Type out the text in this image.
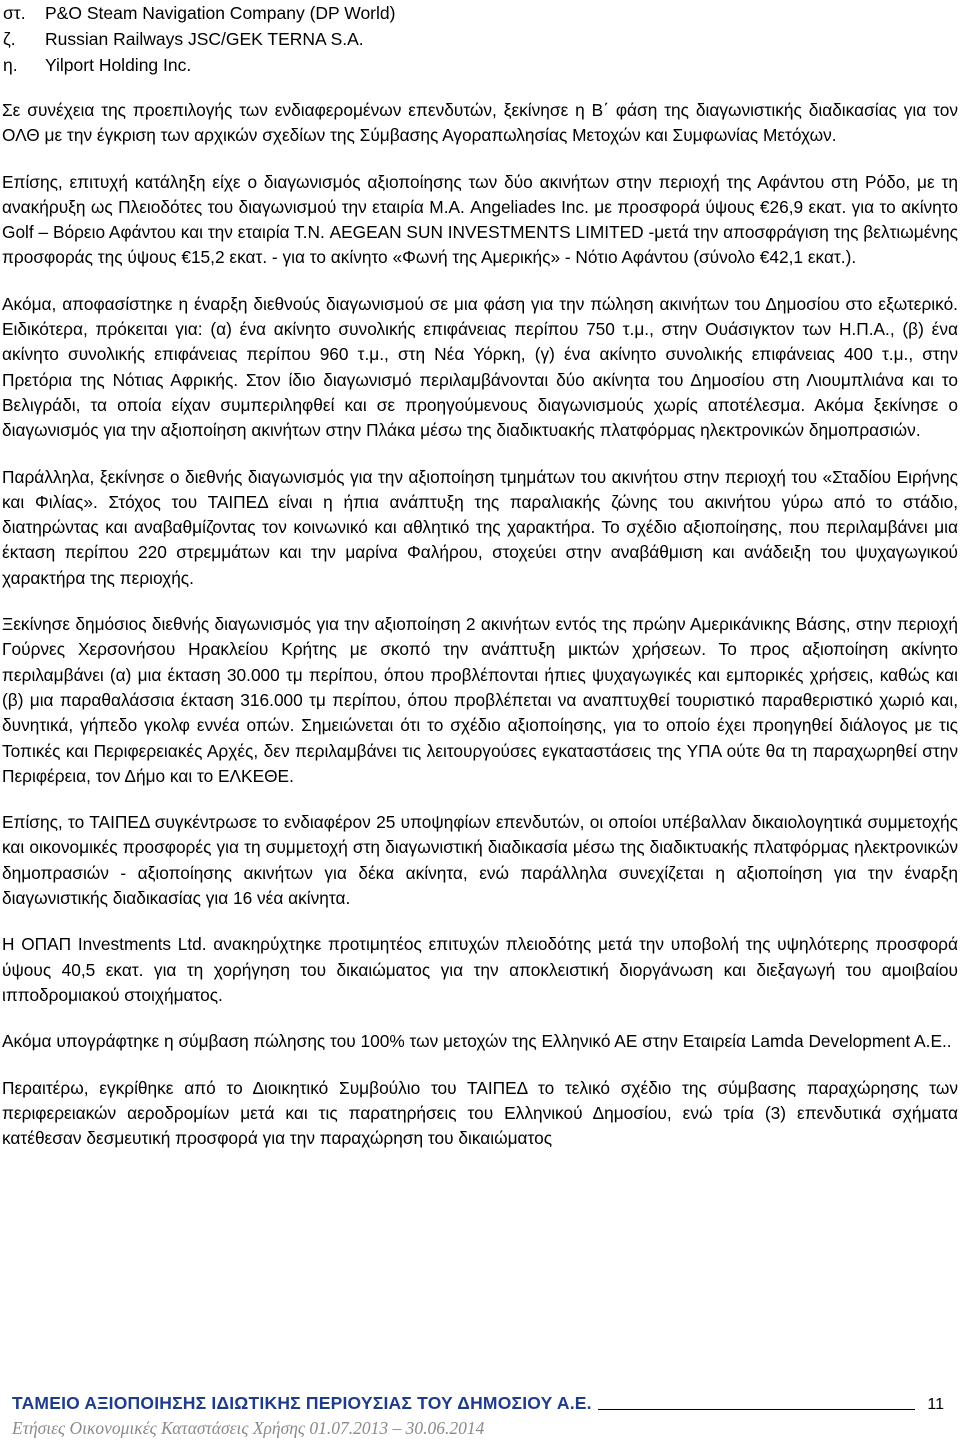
στ.	P&O Steam Navigation Company (DP World)
ζ.	Russian Railways JSC/GEK TERNA S.A.
η.	Yilport Holding Inc.

Σε συνέχεια της προεπιλογής των ενδιαφερομένων επενδυτών, ξεκίνησε η Β΄ φάση της διαγωνιστικής διαδικασίας για τον ΟΛΘ με την έγκριση των αρχικών σχεδίων της Σύμβασης Αγοραπωλησίας Μετοχών και Συμφωνίας Μετόχων.

Επίσης, επιτυχή κατάληξη είχε ο διαγωνισμός αξιοποίησης των δύο ακινήτων στην περιοχή της Αφάντου στη Ρόδο, με τη ανακήρυξη ως Πλειοδότες του διαγωνισμού την εταιρία Μ.Α. Angeliades Inc. με προσφορά ύψους €26,9 εκατ. για το ακίνητο Golf – Βόρειο Αφάντου και την εταιρία Τ.Ν. AEGEAN SUN INVESTMENTS LIMITED -μετά την αποσφράγιση της βελτιωμένης προσφοράς της ύψους €15,2 εκατ. - για το ακίνητο «Φωνή της Αμερικής» - Νότιο Αφάντου (σύνολο €42,1 εκατ.).

Ακόμα, αποφασίστηκε η έναρξη διεθνούς διαγωνισμού σε μια φάση για την πώληση ακινήτων του Δημοσίου στο εξωτερικό. Ειδικότερα, πρόκειται για: (α) ένα ακίνητο συνολικής επιφάνειας περίπου 750 τ.μ., στην Ουάσιγκτον των Η.Π.Α., (β) ένα ακίνητο συνολικής επιφάνειας περίπου 960 τ.μ., στη Νέα Υόρκη, (γ) ένα ακίνητο συνολικής επιφάνειας 400 τ.μ., στην Πρετόρια της Νότιας Αφρικής. Στον ίδιο διαγωνισμό περιλαμβάνονται δύο ακίνητα του Δημοσίου στη Λιουμπλιάνα και το Βελιγράδι, τα οποία είχαν συμπεριληφθεί και σε προηγούμενους διαγωνισμούς χωρίς αποτέλεσμα. Ακόμα ξεκίνησε ο διαγωνισμός για την αξιοποίηση ακινήτων στην Πλάκα μέσω της διαδικτυακής πλατφόρμας ηλεκτρονικών δημοπρασιών.

Παράλληλα, ξεκίνησε ο διεθνής διαγωνισμός για την αξιοποίηση τμημάτων του ακινήτου στην περιοχή του «Σταδίου Ειρήνης και Φιλίας». Στόχος του ΤΑΙΠΕΔ είναι η ήπια ανάπτυξη της παραλιακής ζώνης του ακινήτου γύρω από το στάδιο, διατηρώντας και αναβαθμίζοντας τον κοινωνικό και αθλητικό της χαρακτήρα. Το σχέδιο αξιοποίησης, που περιλαμβάνει μια έκταση περίπου 220 στρεμμάτων και την μαρίνα Φαλήρου, στοχεύει στην αναβάθμιση και ανάδειξη του ψυχαγωγικού χαρακτήρα της περιοχής.

Ξεκίνησε δημόσιος διεθνής διαγωνισμός για την αξιοποίηση 2 ακινήτων εντός της πρώην Αμερικάνικης Βάσης, στην περιοχή Γούρνες Χερσονήσου Ηρακλείου Κρήτης με σκοπό την ανάπτυξη μικτών χρήσεων. Το προς αξιοποίηση ακίνητο περιλαμβάνει (α) μια έκταση 30.000 τμ περίπου, όπου προβλέπονται ήπιες ψυχαγωγικές και εμπορικές χρήσεις, καθώς και (β) μια παραθαλάσσια έκταση 316.000 τμ περίπου, όπου προβλέπεται να αναπτυχθεί τουριστικό παραθεριστικό χωριό και, δυνητικά, γήπεδο γκολφ εννέα οπών. Σημειώνεται ότι το σχέδιο αξιοποίησης, για το οποίο έχει προηγηθεί διάλογος με τις Τοπικές και Περιφερειακές Αρχές, δεν περιλαμβάνει τις λειτουργούσες εγκαταστάσεις της ΥΠΑ ούτε θα τη παραχωρηθεί στην Περιφέρεια, τον Δήμο και το ΕΛΚΕΘΕ.

Επίσης, το ΤΑΙΠΕΔ συγκέντρωσε το ενδιαφέρον 25 υποψηφίων επενδυτών, οι οποίοι υπέβαλλαν δικαιολογητικά συμμετοχής και οικονομικές προσφορές για τη συμμετοχή στη διαγωνιστική διαδικασία μέσω της διαδικτυακής πλατφόρμας ηλεκτρονικών δημοπρασιών - αξιοποίησης ακινήτων για δέκα ακίνητα, ενώ παράλληλα συνεχίζεται η αξιοποίηση για την έναρξη διαγωνιστικής διαδικασίας για 16 νέα ακίνητα.

Η ΟΠΑΠ Investments Ltd. ανακηρύχτηκε προτιμητέος επιτυχών πλειοδότης μετά την υποβολή της υψηλότερης προσφορά ύψους 40,5 εκατ. για τη χορήγηση του δικαιώματος για την αποκλειστική διοργάνωση και διεξαγωγή του αμοιβαίου ιπποδρομιακού στοιχήματος.

Ακόμα υπογράφτηκε η σύμβαση πώλησης του 100% των μετοχών της Ελληνικό ΑΕ στην Εταιρεία Lamda Development A.E..

Περαιτέρω, εγκρίθηκε από το Διοικητικό Συμβούλιο του ΤΑΙΠΕΔ το τελικό σχέδιο της σύμβασης παραχώρησης των περιφερειακών αεροδρομίων μετά και τις παρατηρήσεις του Ελληνικού Δημοσίου, ενώ τρία (3) επενδυτικά σχήματα κατέθεσαν δεσμευτική προσφορά για την παραχώρηση του δικαιώματος

ΤΑΜΕΙΟ ΑΞΙΟΠΟΙΗΣΗΣ ΙΔΙΩΤΙΚΗΣ ΠΕΡΙΟΥΣΙΑΣ ΤΟΥ ΔΗΜΟΣΙΟΥ Α.Ε.	11
Ετήσιες Οικονομικές Καταστάσεις Χρήσης 01.07.2013 – 30.06.2014
